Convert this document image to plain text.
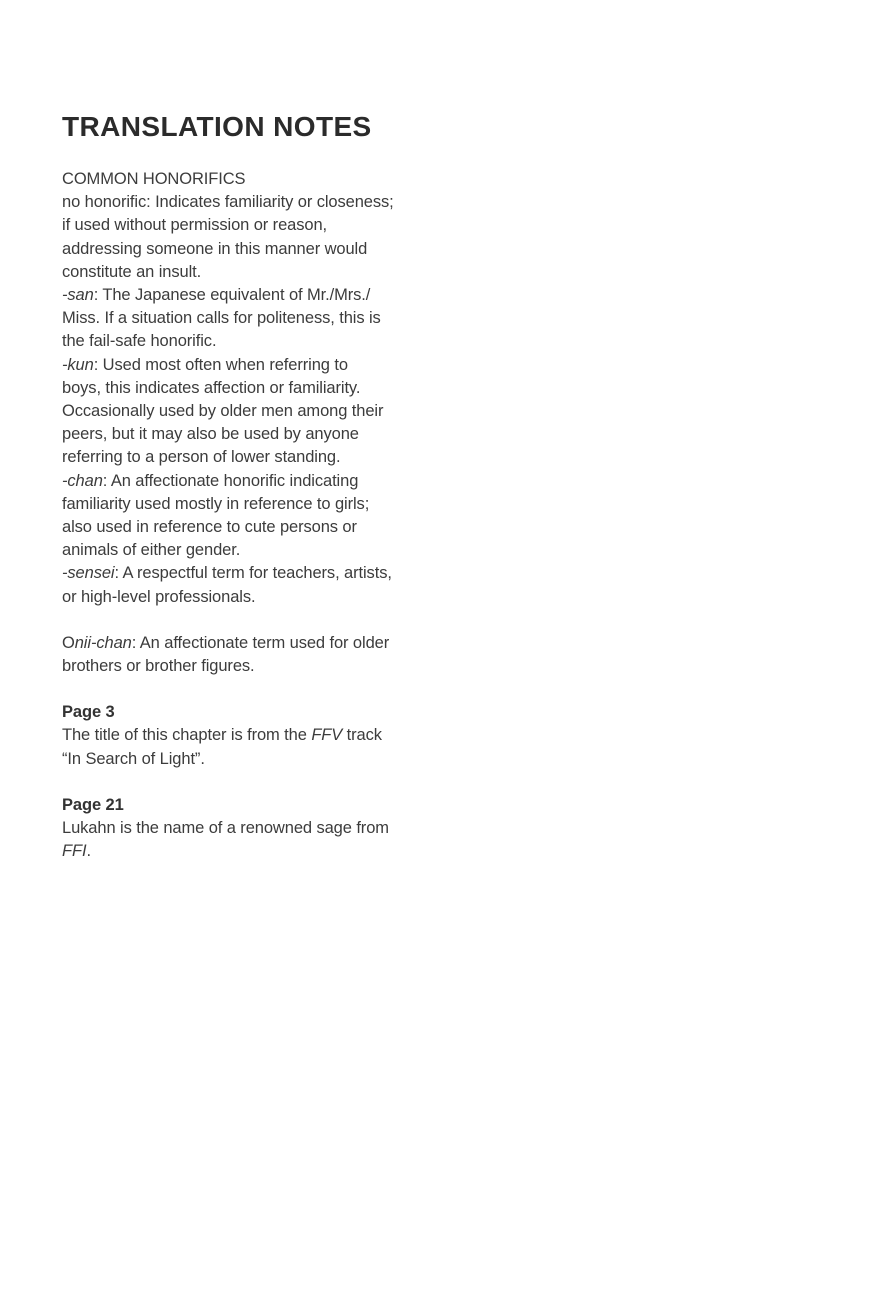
TRANSLATION NOTES
COMMON HONORIFICS
no honorific: Indicates familiarity or closeness;
if used without permission or reason,
addressing someone in this manner would
constitute an insult.
-san: The Japanese equivalent of Mr./Mrs./
Miss. If a situation calls for politeness, this is
the fail-safe honorific.
-kun: Used most often when referring to
boys, this indicates affection or familiarity.
Occasionally used by older men among their
peers, but it may also be used by anyone
referring to a person of lower standing.
-chan: An affectionate honorific indicating
familiarity used mostly in reference to girls;
also used in reference to cute persons or
animals of either gender.
-sensei: A respectful term for teachers, artists,
or high-level professionals.
Onii-chan: An affectionate term used for older
brothers or brother figures.
Page 3
The title of this chapter is from the FFV track
“In Search of Light”.
Page 21
Lukahn is the name of a renowned sage from
FFI.
